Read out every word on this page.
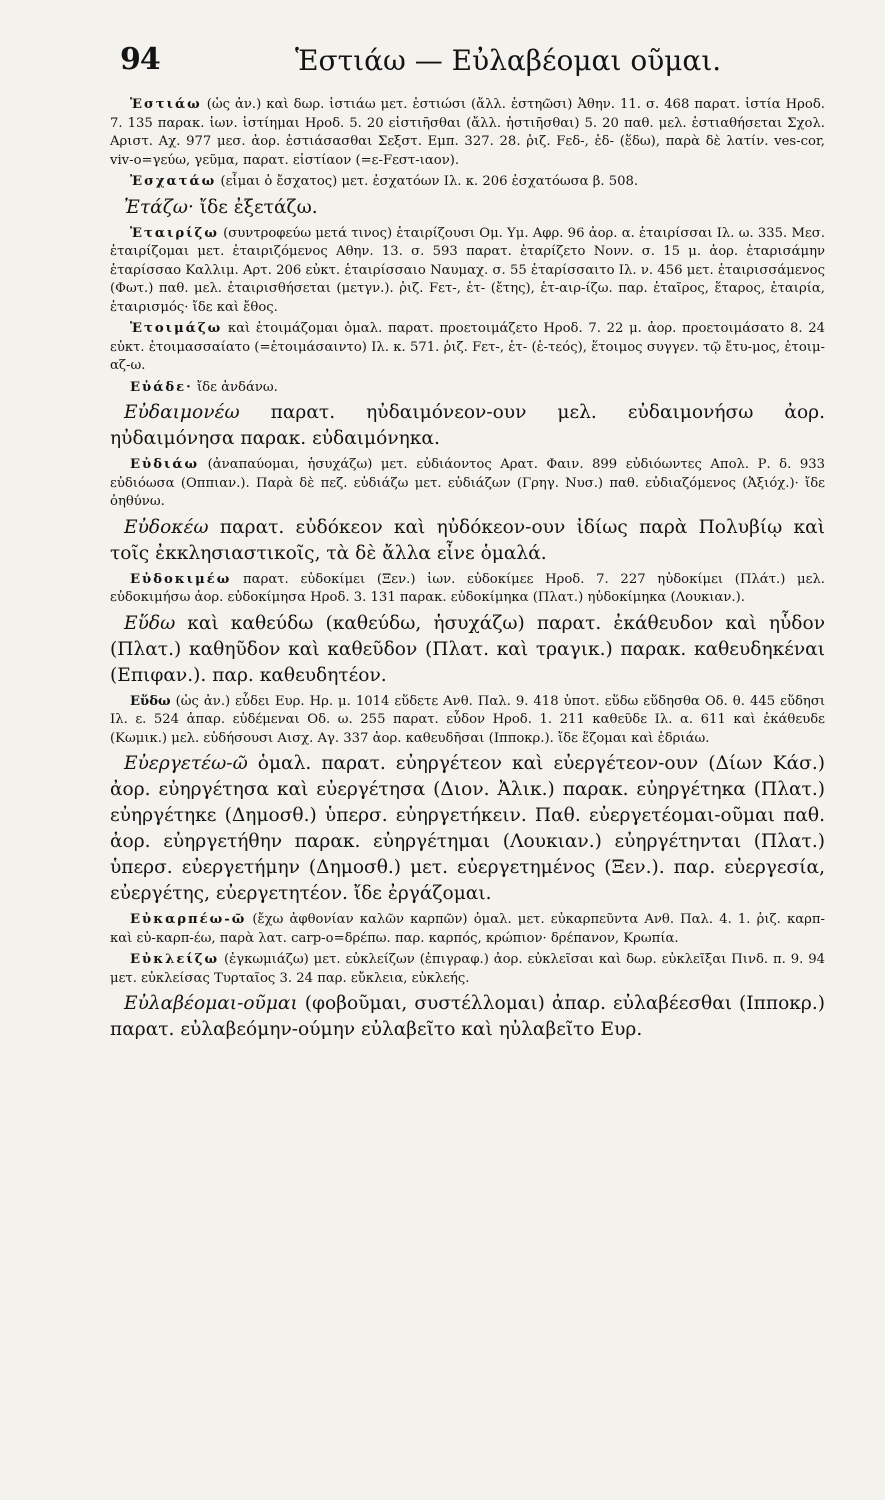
94	Ἑστιάω — Εὐλαβέομαι οῦμαι.

Ἑστιάω (ὡς ἀν.) καὶ δωρ. ἱστιάω μετ. ἑστιώσι (ἄλλ. ἑστηῶσι) Ἀθην. 11. σ. 468 παρατ. ἱστία Ηροδ. 7. 135 παρακ. ἰων. ἱστίημαι Ηροδ. 5. 20 εἱστιῆσθαι (ἄλλ. ἡστιῆσθαι) 5. 20 παθ. μελ. ἑστιαθήσεται Σχολ. Αριστ. Αχ. 977 μεσ. ἀορ. ἑστιάσασθαι Σεξστ. Εμπ. 327. 28. ῥιζ. Fεδ-, ἑδ- (ἕδω), παρὰ δὲ λατίν. ves-cor, viv-o=γεύω, γεῦμα, παρατ. εἰστίαον (=ε-Fεστ-ιαον).

Ἐσχατάω (εἶμαι ὁ ἔσχατος) μετ. ἐσχατόων Ιλ. κ. 206 ἐσχατόωσα β. 508.

Ἐτάζω· ἴδε ἐξετάζω.

Ἑταιρίζω (συντροφεύω μετά τινος) ἑταιρίζουσι Ομ. Υμ. Αφρ. 96 ἀορ. α. ἑταιρίσσαι Ιλ. ω. 335. Μεσ. ἑταιρίζομαι μετ. ἑταιριζόμενος Αθην. 13. σ. 593 παρατ. ἑταρίζετο Νονν. σ. 15 μ. ἀορ. ἑταρισάμην ἑταρίσσαο Καλλιμ. Αρτ. 206 εὐκτ. ἑταιρίσσαιο Ναυμαχ. σ. 55 ἑταρίσσαιτο Ιλ. ν. 456 μετ. ἑταιρισσάμενος (Φωτ.) παθ. μελ. ἑταιρισθήσεται (μετγν.). ῥιζ. Fετ-, ἑτ- (ἔτης), ἑτ-αιρ-ίζω. παρ. ἑταῖρος, ἕταρος, ἑταιρία, ἑταιρισμός· ἴδε καὶ ἔθος.

Ἑτοιμάζω καὶ ἑτοιμάζομαι ὁμαλ. παρατ. προετοιμάζετο Ηροδ. 7. 22 μ. ἀορ. προετοιμάσατο 8. 24 εὐκτ. ἑτοιμασσαίατο (=ἑτοιμάσαιντο) Ιλ. κ. 571. ῥιζ. Fετ-, ἑτ- (ἑ-τεός), ἕτοιμος συγγεν. τῷ ἔτυ-μος, ἑτοιμ-αζ-ω.

Εὐάδε· ἴδε ἁνδάνω.

Εὐδαιμονέω παρατ. ηὐδαιμόνεον-ουν μελ. εὐδαιμονήσω ἀορ. ηὐδαιμόνησα παρακ. εὐδαιμόνηκα.

Εὐδιάω (ἀναπαύομαι, ἡσυχάζω) μετ. εὐδιάοντος Αρατ. Φαιν. 899 εὐδιόωντες Απολ. Ρ. δ. 933 εὐδιόωσα (Οππιαν.). Παρὰ δὲ πεζ. εὐδιάζω μετ. εὐδιάζων (Γρηγ. Νυσ.) παθ. εὐδιαζόμενος (Ἀξιόχ.)· ἴδε ὀηθύνω.

Εὐδοκέω παρατ. εὐδόκεον καὶ ηὐδόκεον-ουν ἰδίως παρὰ Πολυβίῳ καὶ τοῖς ἐκκλησιαστικοῖς, τὰ δὲ ἄλλα εἶνε ὁμαλά.

Εὐδοκιμέω παρατ. εὐδοκίμει (Ξεν.) ἰων. εὐδοκίμεε Ηροδ. 7. 227 ηὐδοκίμει (Πλάτ.) μελ. εὐδοκιμήσω ἀορ. εὐδοκίμησα Ηροδ. 3. 131 παρακ. εὐδοκίμηκα (Πλατ.) ηὐδοκίμηκα (Λουκιαν.).

Εὕδω καὶ καθεύδω (καθεύδω, ἡσυχάζω) παρατ. ἐκάθευδον καὶ ηὗδον (Πλατ.) καθηῦδον καὶ καθεῦδον (Πλατ. καὶ τραγικ.) παρακ. καθευδηκέναι (Επιφαν.). παρ. καθευδητέον.

Εὕδω (ὡς ἀν.) εὗδει Ευρ. Ηρ. μ. 1014 εὕδετε Ανθ. Παλ. 9. 418 ὑποτ. εὕδω εὕδησθα Οδ. θ. 445 εὕδησι Ιλ. ε. 524 ἀπαρ. εὑδέμεναι Οδ. ω. 255 παρατ. εὗδον Ηροδ. 1. 211 καθεῦδε Ιλ. α. 611 καὶ ἐκάθευδε (Κωμικ.) μελ. εὑδήσουσι Αισχ. Αγ. 337 ἀορ. καθευδῆσαι (Ιπποκρ.). ἴδε ἕζομαι καὶ ἑδριάω.

Εὐεργετέω-ῶ ὁμαλ. παρατ. εὐηργέτεον καὶ εὐεργέτεον-ουν (Δίων Κάσ.) ἀορ. εὐηργέτησα καὶ εὐεργέτησα (Διον. Ἀλικ.) παρακ. εὐηργέτηκα (Πλατ.) εὐηργέτηκε (Δημοσθ.) ὑπερσ. εὐηργετήκειν. Παθ. εὐεργετέομαι-οῦμαι παθ. ἀορ. εὐηργετήθην παρακ. εὐηργέτημαι (Λουκιαν.) εὐηργέτηνται (Πλατ.) ὑπερσ. εὐεργετήμην (Δημοσθ.) μετ. εὐεργετημένος (Ξεν.). παρ. εὐεργεσία, εὐεργέτης, εὐεργετητέον. ἴδε ἐργάζομαι.

Εὐκαρπέω-ῶ (ἔχω ἀφθονίαν καλῶν καρπῶν) ὁμαλ. μετ. εὐκαρπεῦντα Ανθ. Παλ. 4. 1. ῥιζ. καρπ- καὶ εὐ-καρπ-έω, παρὰ λατ. carp-o=δρέπω. παρ. καρπός, κρώπιον· δρέπανον, Κρωπία.

Εὐκλείζω (ἐγκωμιάζω) μετ. εὐκλείζων (ἐπιγραφ.) ἀορ. εὐκλεῖσαι καὶ δωρ. εὐκλεῖξαι Πινδ. π. 9. 94 μετ. εὐκλείσας Τυρταῖος 3. 24 παρ. εὔκλεια, εὐκλεής.

Εὐλαβέομαι-οῦμαι (φοβοῦμαι, συστέλλομαι) ἀπαρ. εὐλαβέεσθαι (Ιπποκρ.) παρατ. εὐλαβεόμην-ούμην εὐλαβεῖτο καὶ ηὐλαβεῖτο Ευρ.
